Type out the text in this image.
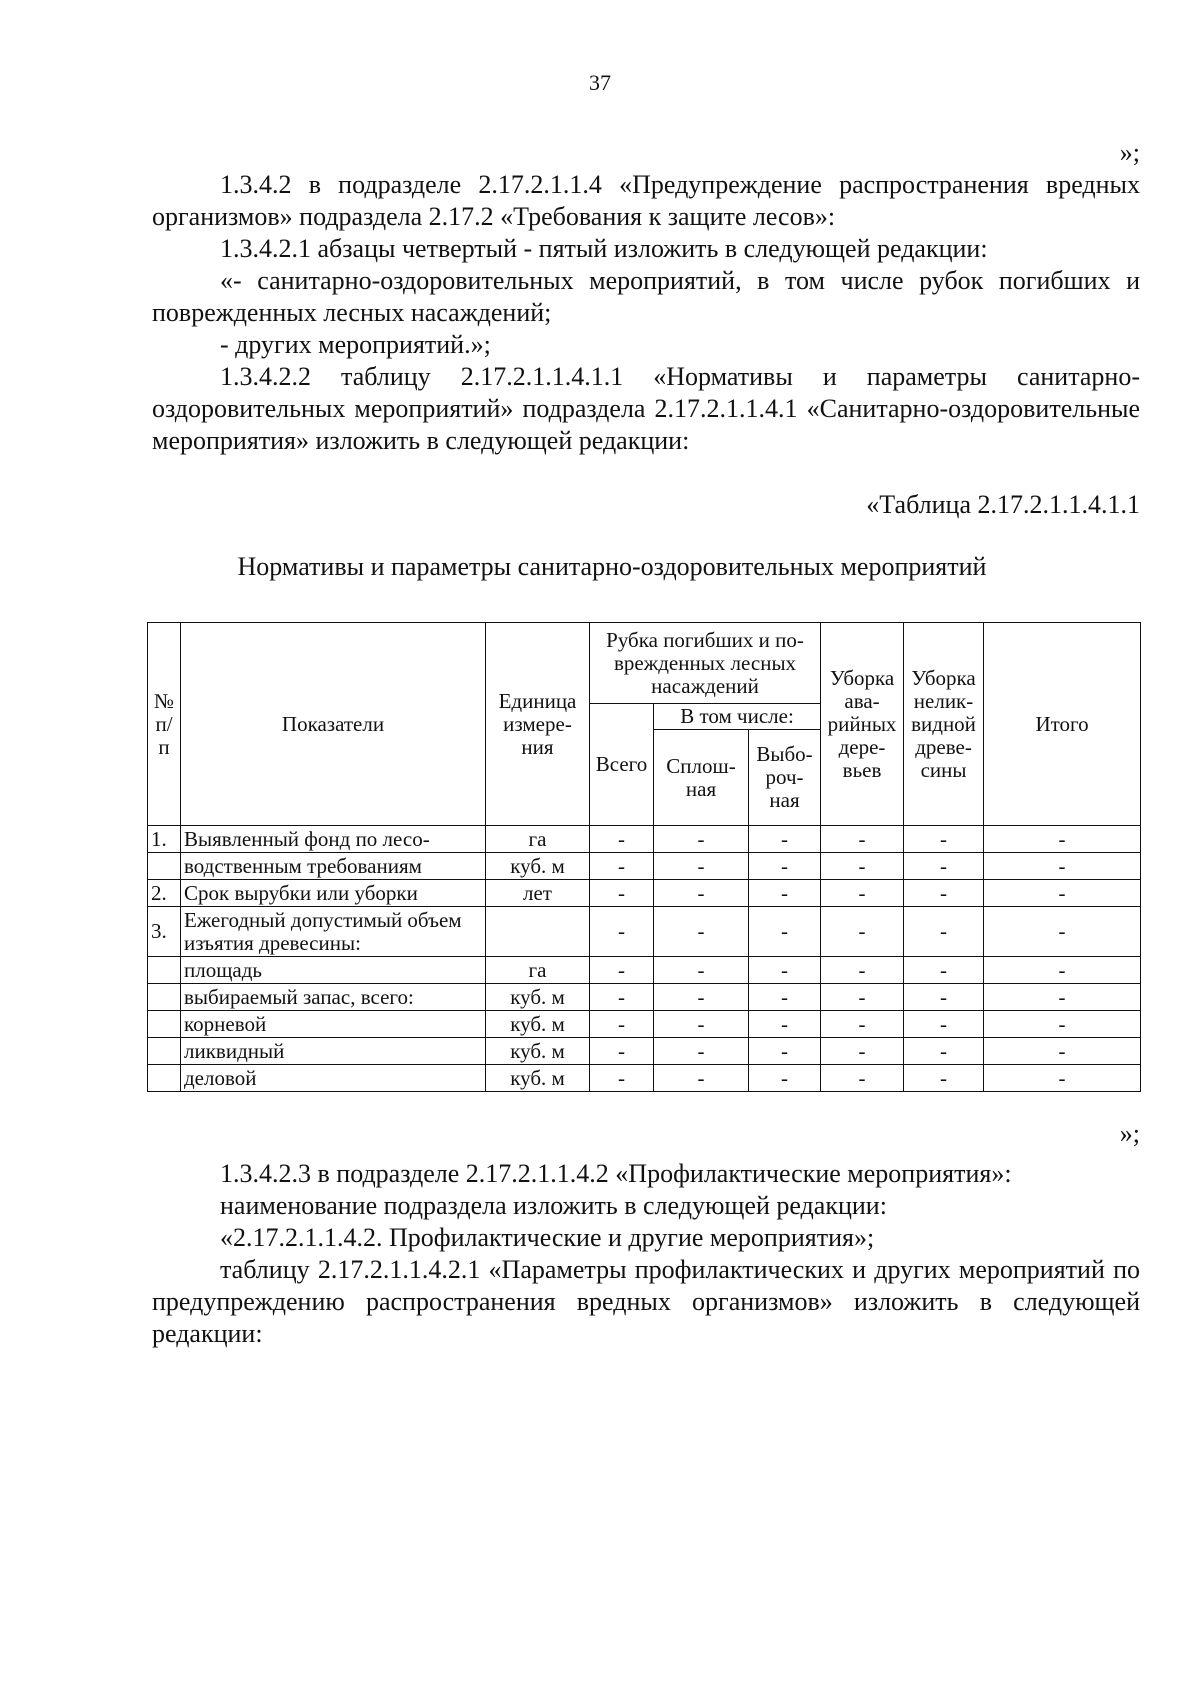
37

»;

1.3.4.2 в подразделе 2.17.2.1.1.4 «Предупреждение распространения вредных организмов» подраздела 2.17.2 «Требования к защите лесов»:

1.3.4.2.1 абзацы четвертый - пятый изложить в следующей редакции:

«- санитарно-оздоровительных мероприятий, в том числе рубок погибших и поврежденных лесных насаждений;

- других мероприятий.»;

1.3.4.2.2 таблицу 2.17.2.1.1.4.1.1 «Нормативы и параметры санитарно-оздоровительных мероприятий» подраздела 2.17.2.1.1.4.1 «Санитарно-оздоровительные мероприятия» изложить в следующей редакции:

«Таблица 2.17.2.1.1.4.1.1
Нормативы и параметры санитарно-оздоровительных мероприятий
№ п/п	Показатели	Единица измере-ния	Рубка погибших и по-врежденных лесных насаждений			Уборка ава-рийных дере-вьев	Уборка нелик-видной древе-сины	Итого
			Всего	В том числе:				
				Сплош-ная	Выбо-роч-ная			
1.	Выявленный фонд по лесо-	га	-	-	-	-	-	-
	водственным требованиям	куб. м	-	-	-	-	-	-
2.	Срок вырубки или уборки	лет	-	-	-	-	-	-
3.	Ежегодный допустимый объем изъятия древесины:		-	-	-	-	-	-
	площадь	га	-	-	-	-	-	-
	выбираемый запас, всего:	куб. м	-	-	-	-	-	-
	корневой	куб. м	-	-	-	-	-	-
	ликвидный	куб. м	-	-	-	-	-	-
	деловой	куб. м	-	-	-	-	-	-

»;

1.3.4.2.3 в подразделе 2.17.2.1.1.4.2 «Профилактические мероприятия»:

наименование подраздела изложить в следующей редакции:

«2.17.2.1.1.4.2. Профилактические и другие мероприятия»;

таблицу 2.17.2.1.1.4.2.1 «Параметры профилактических и других мероприятий по предупреждению распространения вредных организмов» изложить в следующей редакции:
